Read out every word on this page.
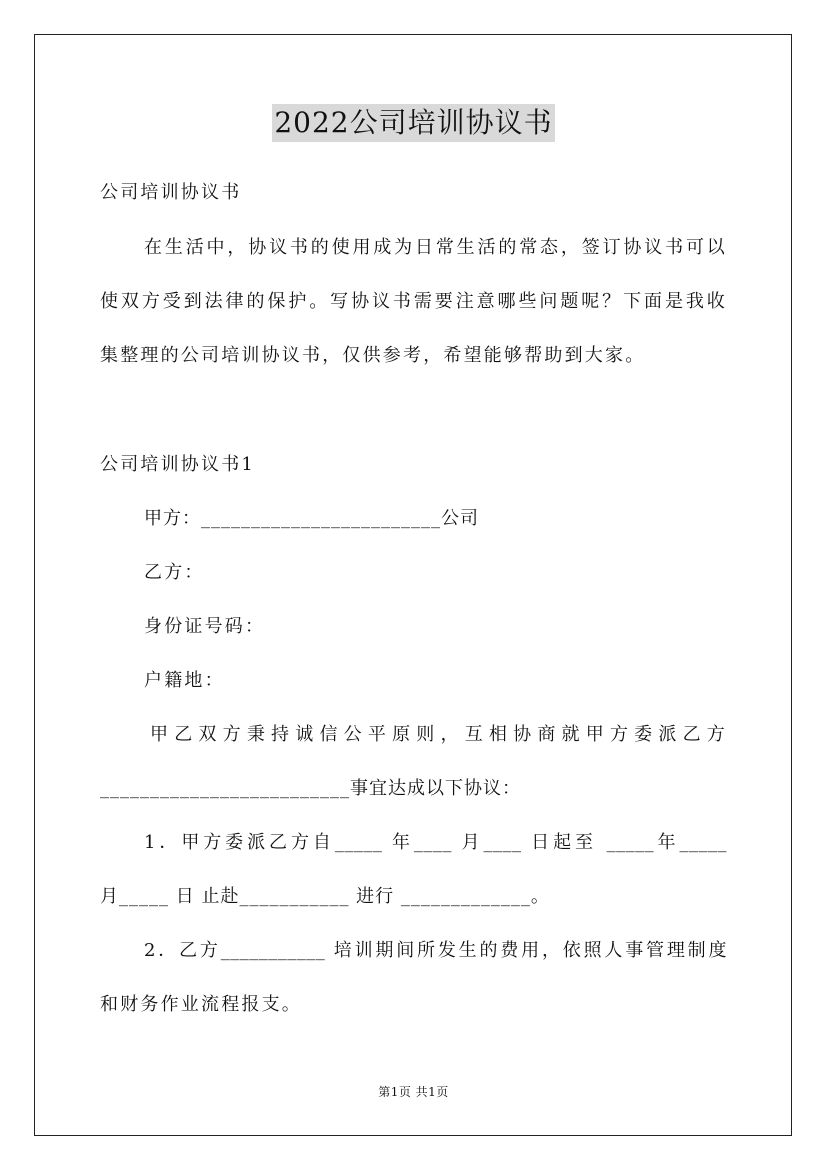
2022公司培训协议书
公司培训协议书
在生活中，协议书的使用成为日常生活的常态，签订协议书可以
使双方受到法律的保护。写协议书需要注意哪些问题呢？下面是我收
集整理的公司培训协议书，仅供参考，希望能够帮助到大家。
公司培训协议书1
甲方：________________________公司
乙方：
身份证号码：
户籍地：
甲乙双方秉持诚信公平原则，互相协商就甲方委派乙方
_________________________事宜达成以下协议：
1．甲方委派乙方自_____ 年____ 月____ 日起至 _____年_____
月_____ 日 止赴___________ 进行 _____________。
2．乙方___________ 培训期间所发生的费用，依照人事管理制度
和财务作业流程报支。
第1页 共1页
